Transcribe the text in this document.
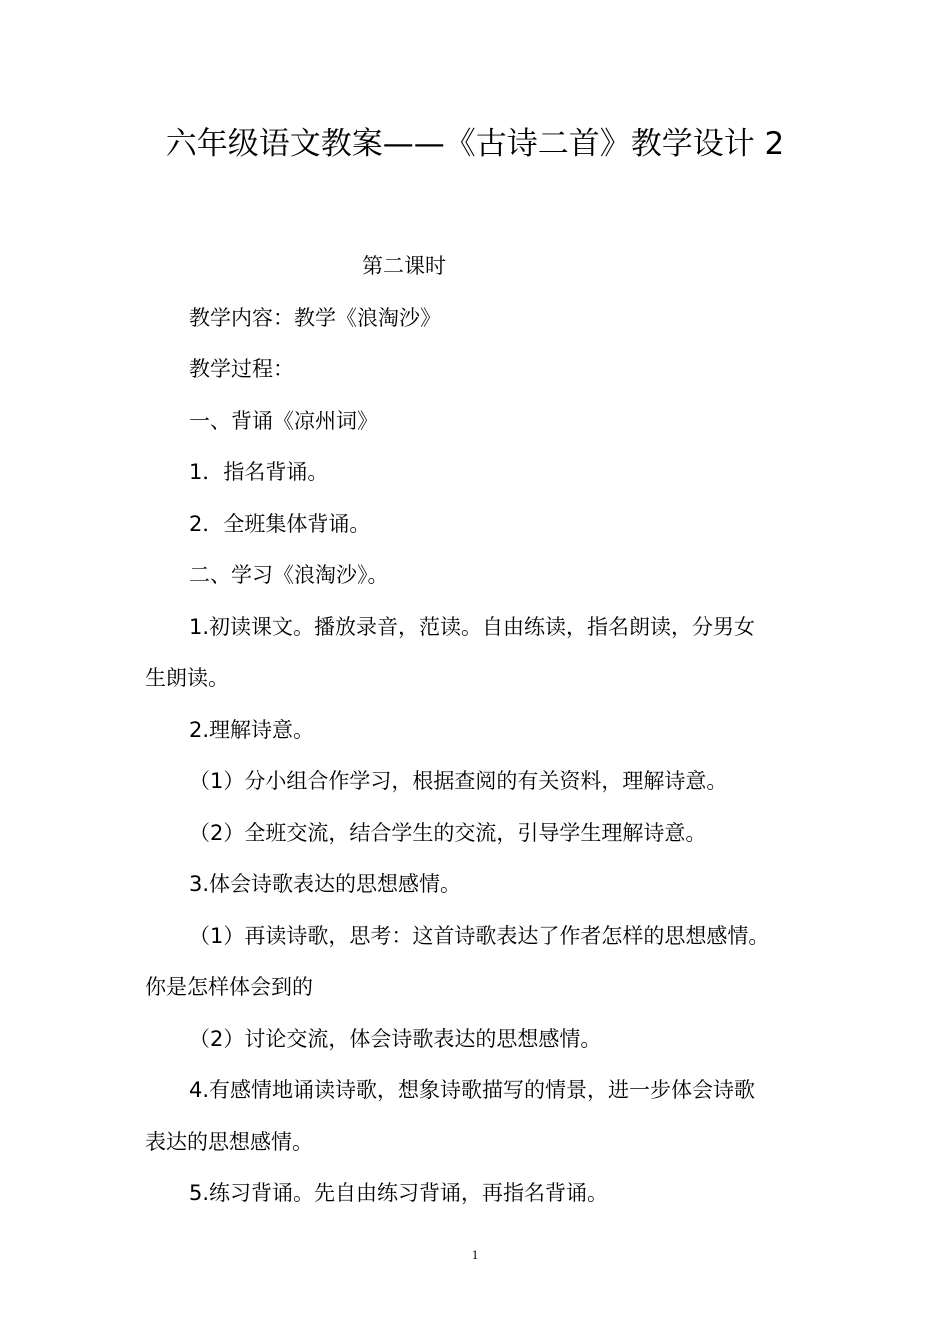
六年级语文教案——《古诗二首》教学设计 2
第二课时
教学内容：教学《浪淘沙》
教学过程：
一、背诵《凉州词》
1．指名背诵。
2．全班集体背诵。
二、学习《浪淘沙》。
1.初读课文。播放录音，范读。自由练读，指名朗读，分男女
生朗读。
2.理解诗意。
（1）分小组合作学习，根据查阅的有关资料，理解诗意。
（2）全班交流，结合学生的交流，引导学生理解诗意。
3.体会诗歌表达的思想感情。
（1）再读诗歌，思考：这首诗歌表达了作者怎样的思想感情。
你是怎样体会到的
（2）讨论交流，体会诗歌表达的思想感情。
4.有感情地诵读诗歌，想象诗歌描写的情景，进一步体会诗歌
表达的思想感情。
5.练习背诵。先自由练习背诵，再指名背诵。
1
